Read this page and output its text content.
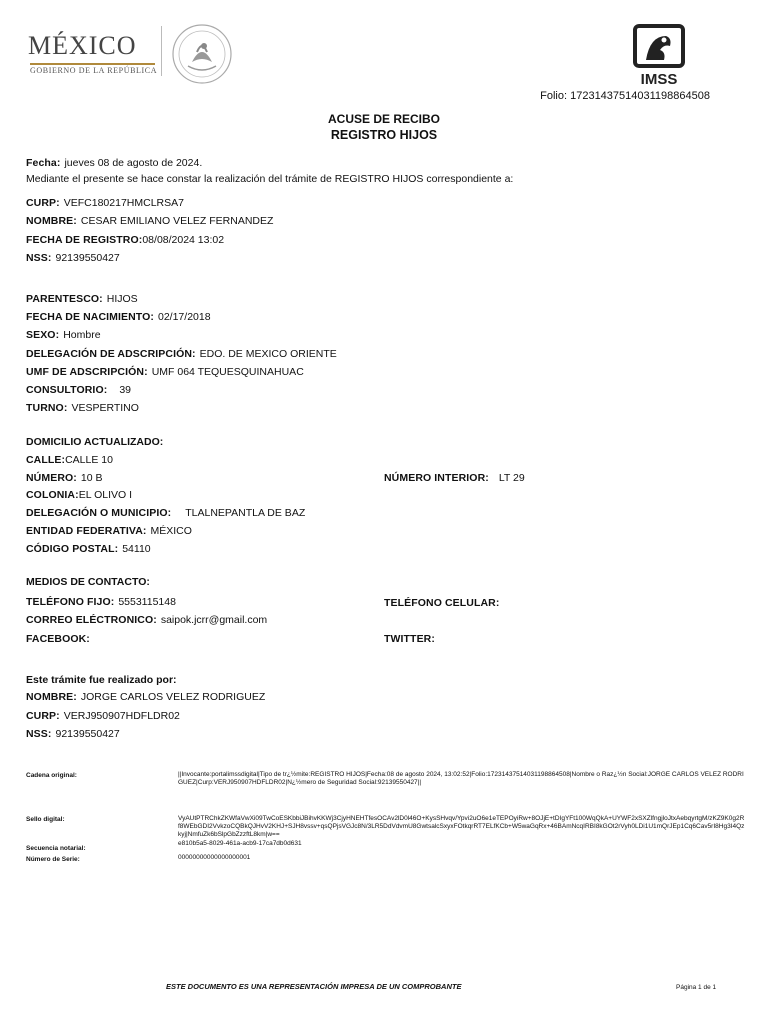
MÉXICO
GOBIERNO DE LA REPÚBLICA
IMSS
Folio: 172314375140311988645​08
ACUSE DE RECIBO
REGISTRO HIJOS
Fecha: jueves 08 de agosto de 2024.
Mediante el presente se hace constar la realización del trámite de REGISTRO HIJOS correspondiente a:
CURP: VEFC180217HMCLRSA7
NOMBRE: CESAR EMILIANO VELEZ FERNANDEZ
FECHA DE REGISTRO:08/08/2024 13:02
NSS: 92139550427
PARENTESCO: HIJOS
FECHA DE NACIMIENTO: 02/17/2018
SEXO: Hombre
DELEGACIÓN DE ADSCRIPCIÓN: EDO. DE MEXICO ORIENTE
UMF DE ADSCRIPCIÓN: UMF 064 TEQUESQUINAHUAC
CONSULTORIO: 39
TURNO: VESPERTINO
DOMICILIO ACTUALIZADO:
CALLE:CALLE 10
NÚMERO: 10 B	NÚMERO INTERIOR: LT 29
COLONIA:EL OLIVO I
DELEGACIÓN O MUNICIPIO: TLALNEPANTLA DE BAZ
ENTIDAD FEDERATIVA: MÉXICO
CÓDIGO POSTAL: 54110
MEDIOS DE CONTACTO:
TELÉFONO FIJO: 5553115148	TELÉFONO CELULAR:
CORREO ELÉCTRONICO: saipok.jcrr@gmail.com
FACEBOOK:	TWITTER:
Este trámite fue realizado por:
NOMBRE: JORGE CARLOS VELEZ RODRIGUEZ
CURP: VERJ950907HDFLDR02
NSS: 92139550427
Cadena original:	||Invocante:portalimssdigital|Tipo de tr¿½mite:REGISTRO HIJOS|Fecha:08 de agosto 2024, 13:02:52|Folio:172314375140311988645​08|Nombre o Raz¿½n Social:JORGE CARLOS VELEZ RODRIGUEZ|Curp:VERJ950907HDFLDR02|N¿½mero de Seguridad Social:92139550427||
Sello digital:	VyAUtPTRChkZKWfaVwXi09TwCoESKbbiJBihvKKWj3CjyHNEHTfesOCAv2lD0l46O+KysSHvqv/Ypvi2uO6e1eTEPOyiRw+8OJjE+tDIgYFt100WqQkA+UYWF2xSXZlfngjloJtxAebqyrtgM/zKZ9K0g2Rf8WEbGDI2VvkzoCQBkQJHvV2KHJ+SJH8vssv+qsQPjsVGJc8N/3LR5DdVdvmU8GwtsalcSxyxFOtkqrRT7ELfKCb+W5waGqRx+46BAmNcqIRBI8kGOt2rVyh0LDi1U1mQrJEp1Cq6Cav5rI8Hg3I4Qzkyj|NmfuZk6bSlpGbZzzftL8km|w==
Secuencia notarial:
e810b5a5-8029-461a-acb9-17ca7db0d631
Número de Serie:	00000000000000000001
ESTE DOCUMENTO ES UNA REPRESENTACIÓN IMPRESA DE UN COMPROBANTE	Página 1 de 1
